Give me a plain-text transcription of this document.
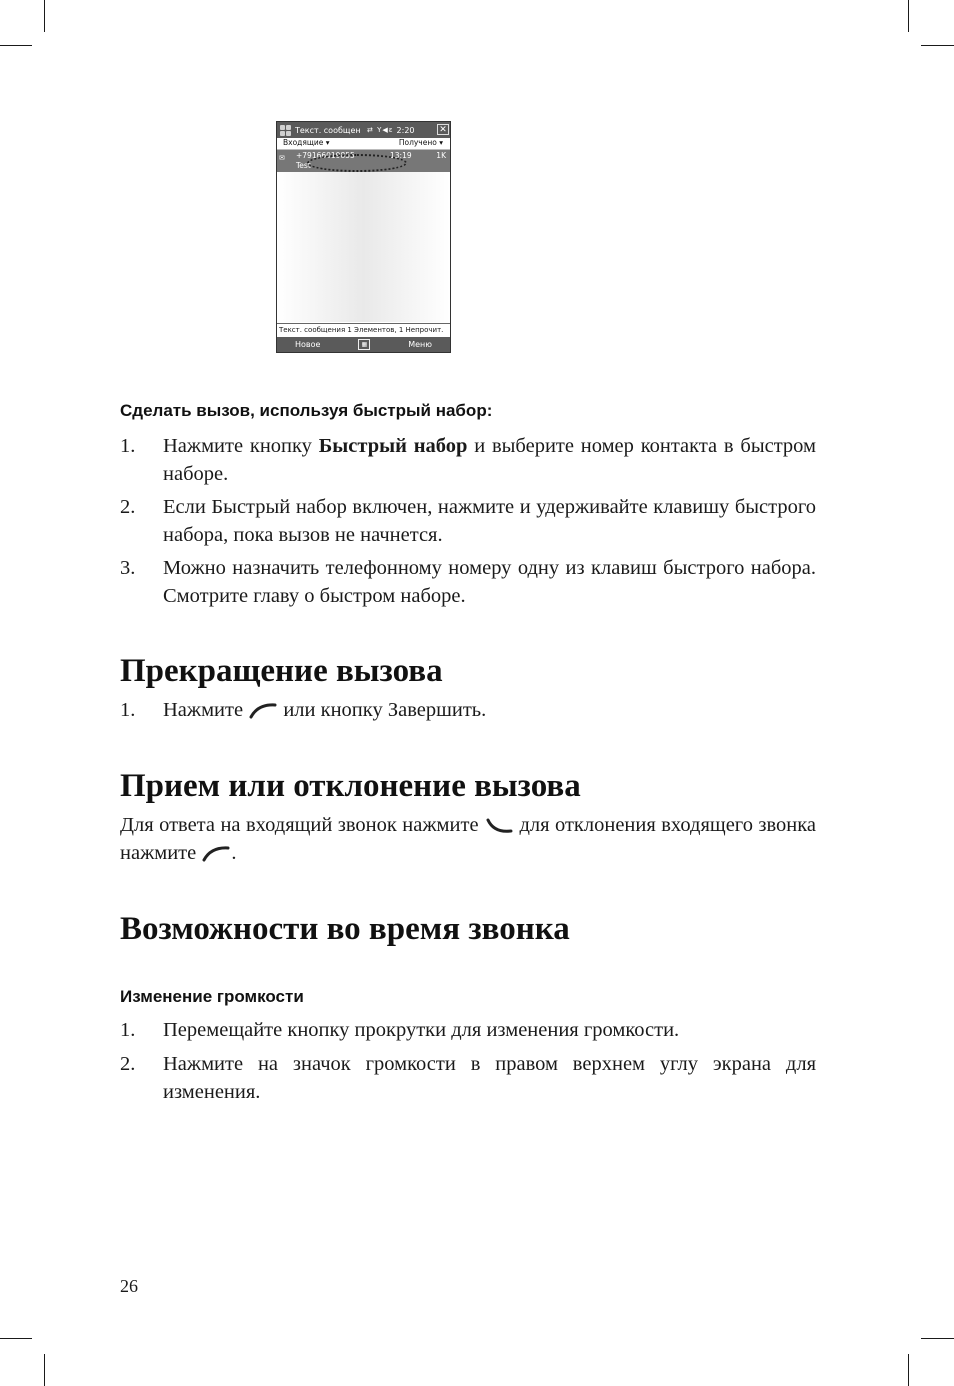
Текст. сообщен ⇄ Y◀ε 2:20	✕
Входящие ▾	Получено ▾
✉ +79166019855	13:19	1K
Test
Текст. сообщения 1 Элементов, 1 Непрочит.
Новое	▦	Меню
Сделать вызов, используя быстрый набор:
1. Нажмите кнопку Быстрый набор и выберите номер контакта в быстром наборе.
2. Если Быстрый набор включен, нажмите и удерживайте клавишу быстрого набора, пока вызов не начнется.
3. Можно назначить телефонному номеру одну из клавиш быстрого набора. Смотрите главу о быстром наборе.
Прекращение вызова
1. Нажмите  или кнопку Завершить.
Прием или отклонение вызова
Для ответа на входящий звонок нажмите  для отклонения входящего звонка нажмите .
Возможности во время звонка
Изменение громкости
1. Перемещайте кнопку прокрутки для изменения громкости.
2. Нажмите на значок громкости в правом верхнем углу экрана для изменения.
26
